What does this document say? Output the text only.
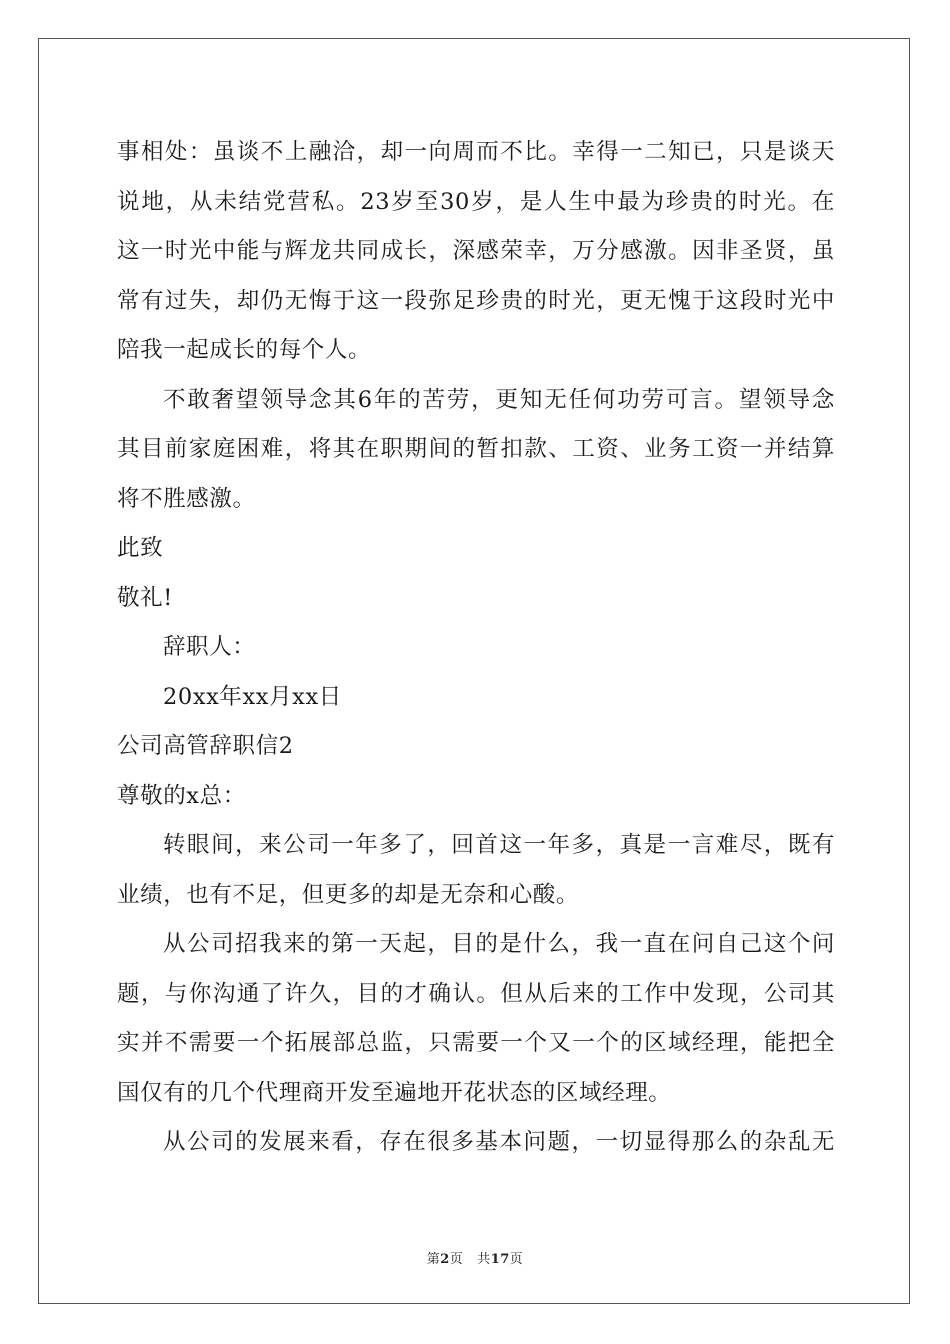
事相处：虽谈不上融洽，却一向周而不比。幸得一二知已，只是谈天
说地，从未结党营私。23岁至30岁，是人生中最为珍贵的时光。在
这一时光中能与辉龙共同成长，深感荣幸，万分感激。因非圣贤，虽
常有过失，却仍无悔于这一段弥足珍贵的时光，更无愧于这段时光中
陪我一起成长的每个人。
不敢奢望领导念其6年的苦劳，更知无任何功劳可言。望领导念
其目前家庭困难，将其在职期间的暂扣款、工资、业务工资一并结算
将不胜感激。
此致
敬礼!
辞职人：
20xx年xx月xx日
公司高管辞职信2
尊敬的x总：
转眼间，来公司一年多了，回首这一年多，真是一言难尽，既有
业绩，也有不足，但更多的却是无奈和心酸。
从公司招我来的第一天起，目的是什么，我一直在问自己这个问
题，与你沟通了许久，目的才确认。但从后来的工作中发现，公司其
实并不需要一个拓展部总监，只需要一个又一个的区域经理，能把全
国仅有的几个代理商开发至遍地开花状态的区域经理。
从公司的发展来看，存在很多基本问题，一切显得那么的杂乱无
第2页 共17页
